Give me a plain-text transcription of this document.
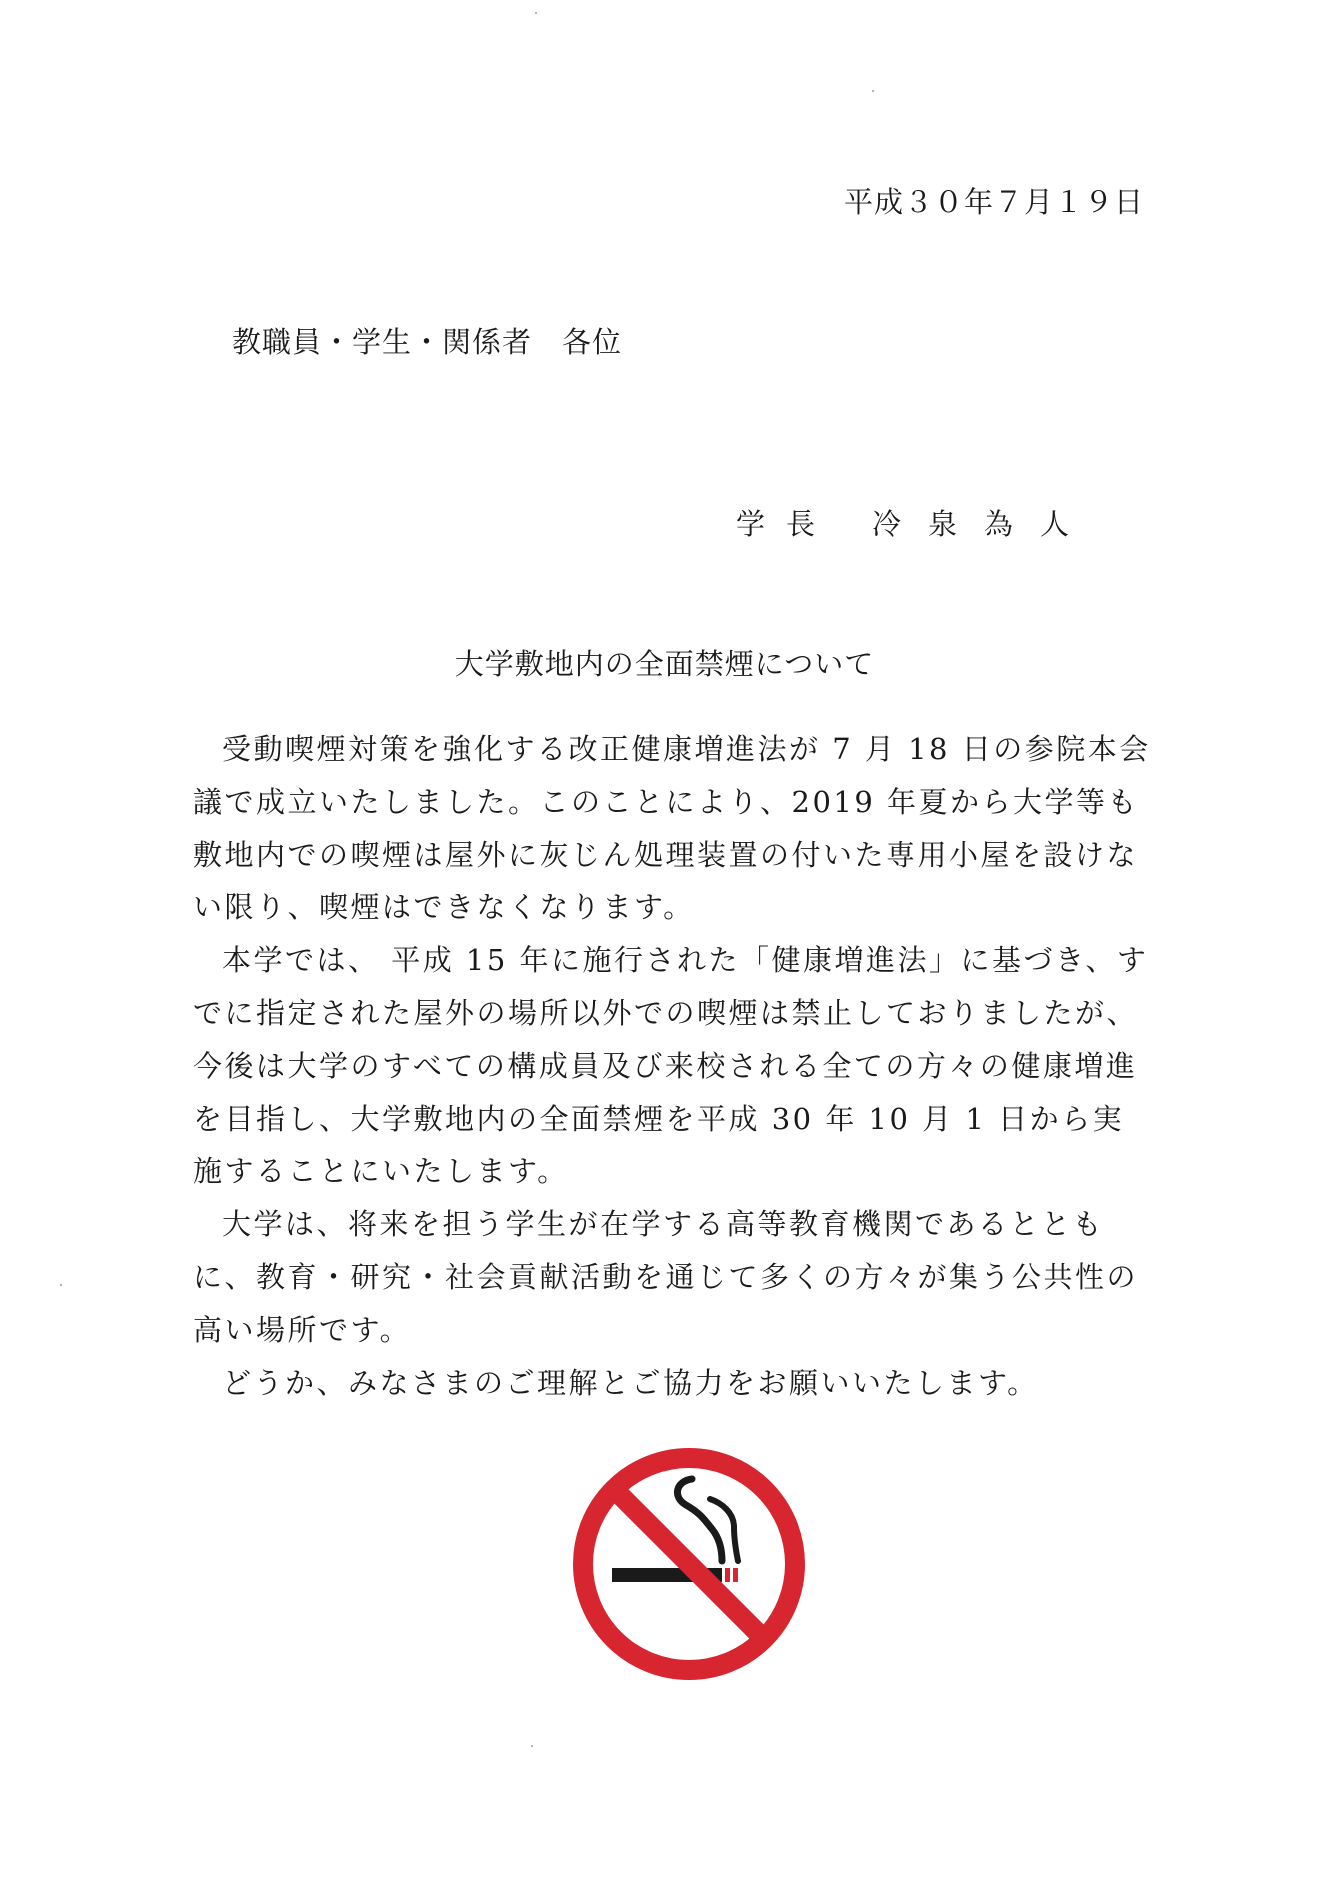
平成３０年７月１９日
教職員・学生・関係者　各位
学長 冷泉為人
大学敷地内の全面禁煙について

受動喫煙対策を強化する改正健康増進法が 7 月 18 日の参院本会議で成立いたしました。このことにより、2019 年夏から大学等も敷地内での喫煙は屋外に灰じん処理装置の付いた専用小屋を設けない限り、喫煙はできなくなります。

本学では、 平成 15 年に施行された「健康増進法」に基づき、すでに指定された屋外の場所以外での喫煙は禁止しておりましたが、今後は大学のすべての構成員及び来校される全ての方々の健康増進を目指し、大学敷地内の全面禁煙を平成 30 年 10 月 1 日から実施することにいたします。

大学は、将来を担う学生が在学する高等教育機関であるとともに、教育・研究・社会貢献活動を通じて多くの方々が集う公共性の高い場所です。

どうか、みなさまのご理解とご協力をお願いいたします。
